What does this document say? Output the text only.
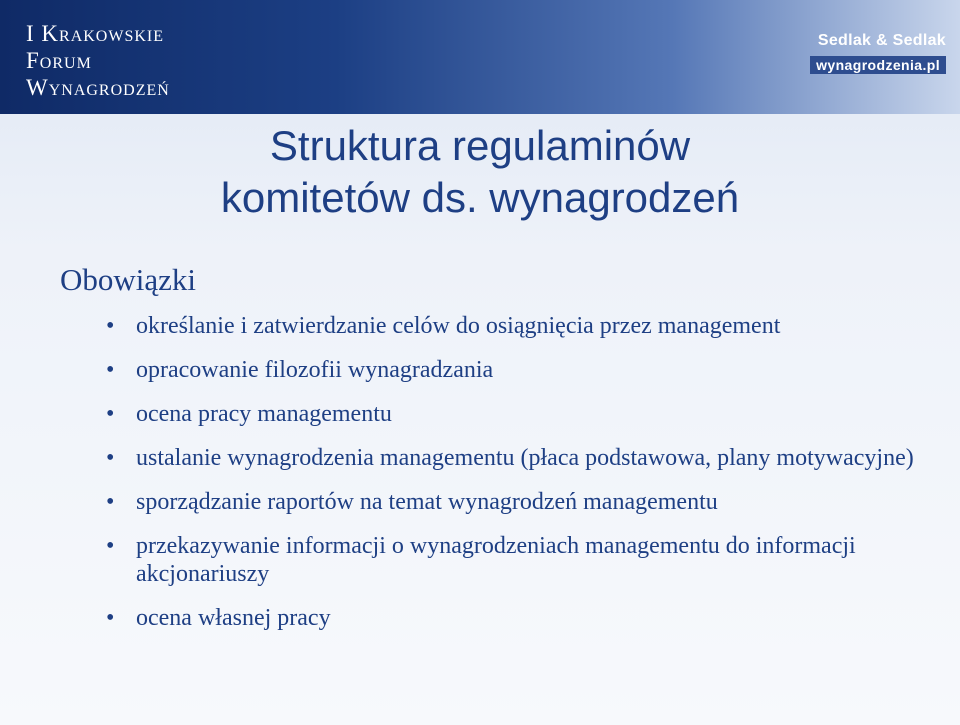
I Krakowskie
Forum
Wynagrodzeń
Sedlak & Sedlak
wynagrodzenia.pl
Struktura regulaminów
komitetów ds. wynagrodzeń
Obowiązki
• określanie i zatwierdzanie celów do osiągnięcia przez management
• opracowanie filozofii wynagradzania
• ocena pracy managementu
• ustalanie wynagrodzenia managementu (płaca podstawowa, plany motywacyjne)
• sporządzanie raportów na temat wynagrodzeń managementu
• przekazywanie informacji o wynagrodzeniach managementu do informacji akcjonariuszy
• ocena własnej pracy
